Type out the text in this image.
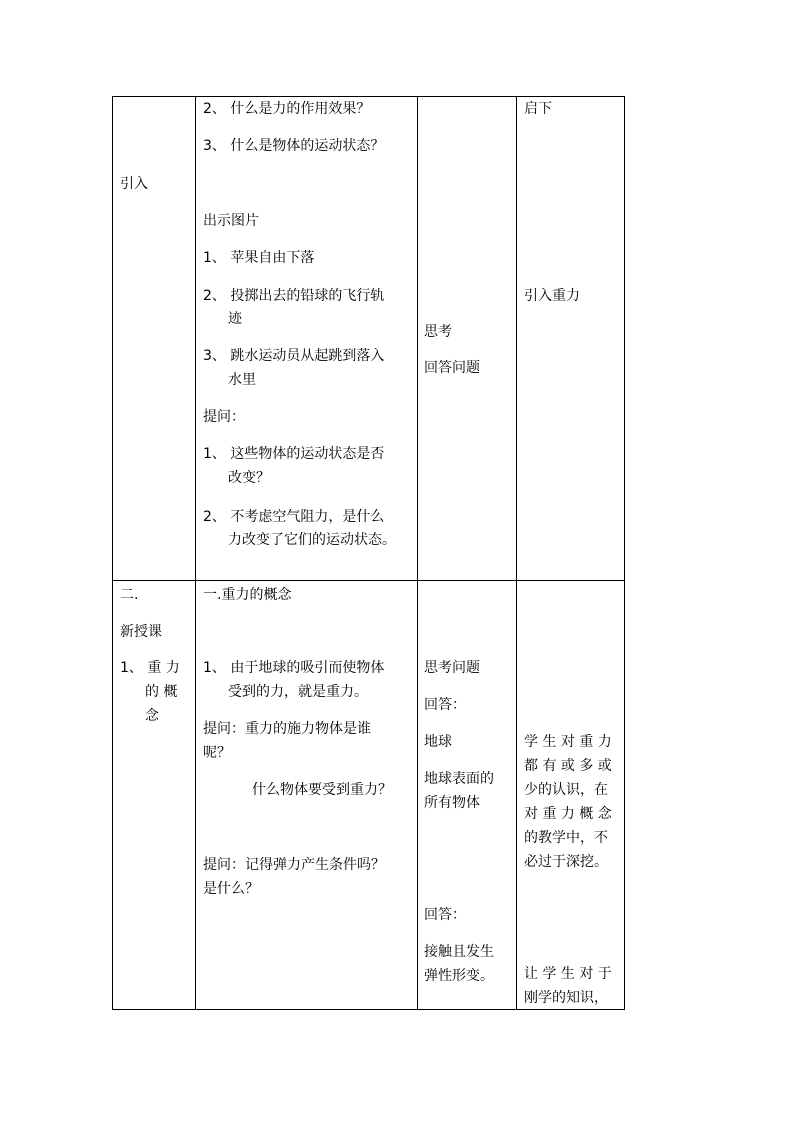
引入
2、 什么是力的作用效果？
3、 什么是物体的运动状态？
出示图片
1、 苹果自由下落
2、 投掷出去的铅球的飞行轨
迹
3、 跳水运动员从起跳到落入
水里
提问：
1、 这些物体的运动状态是否
改变？
2、 不考虑空气阻力，是什么
力改变了它们的运动状态。
思考
回答问题
启下
引入重力
二.
新授课
1、 重 力
的 概
念
一.重力的概念
1、 由于地球的吸引而使物体
受到的力，就是重力。
提问：重力的施力物体是谁
呢？
什么物体要受到重力？
提问：记得弹力产生条件吗？
是什么？
思考问题
回答：
地球
地球表面的
所有物体
回答：
接触且发生
弹性形变。
学 生 对 重 力
都 有 或 多 或
少的认识，在
对 重 力 概 念
的教学中，不
必过于深挖。
让 学 生 对 于
刚学的知识，
